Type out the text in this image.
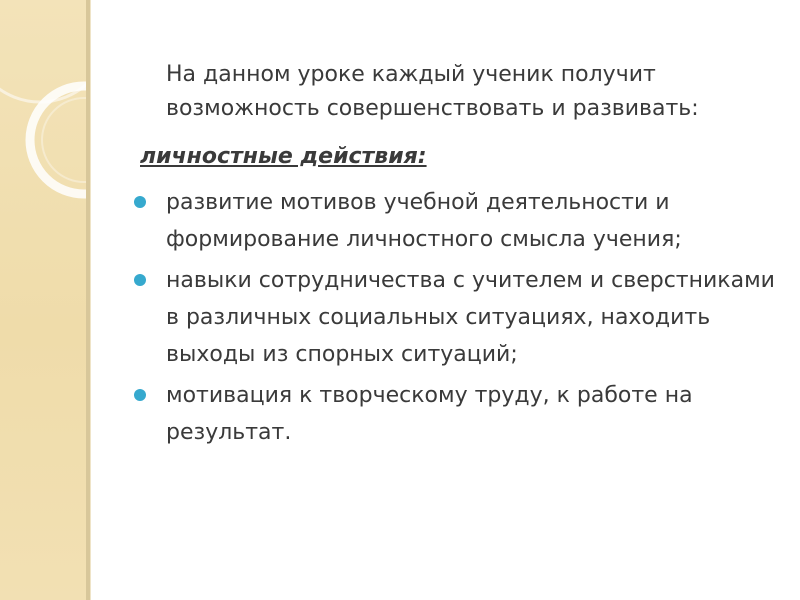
На данном уроке каждый ученик получит
возможность совершенствовать и развивать:

личностные действия:

развитие мотивов учебной деятельности и формирование личностного смысла учения;
навыки сотрудничества с учителем и сверстниками в различных социальных ситуациях, находить выходы из спорных ситуаций;
мотивация к творческому труду, к работе на результат.
